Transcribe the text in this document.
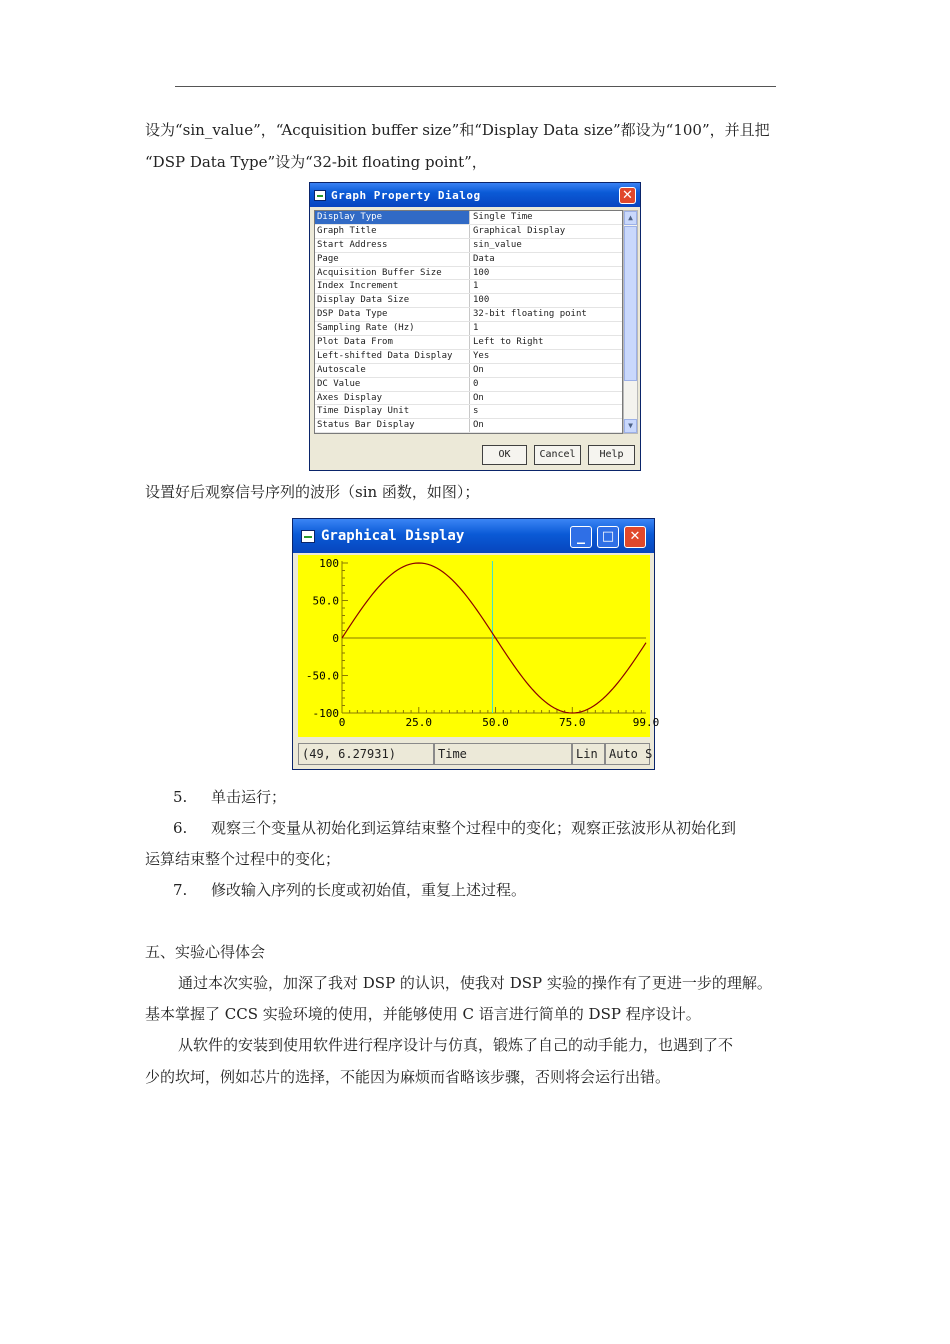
设为“sin_value”，“Acquisition buffer size”和“Display Data size”都设为“100”，并且把
“DSP Data Type”设为“32-bit floating point”，
Graph Property Dialog	✕
Display Type	Single Time
Graph Title	Graphical Display
Start Address	sin_value
Page	Data
Acquisition Buffer Size	100
Index Increment	1
Display Data Size	100
DSP Data Type	32-bit floating point
Sampling Rate (Hz)	1
Plot Data From	Left to Right
Left-shifted Data Display	Yes
Autoscale	On
DC Value	0
Axes Display	On
Time Display Unit	s
Status Bar Display	On
▲
▼
OK	Cancel	Help
设置好后观察信号序列的波形（sin 函数，如图）；
Graphical Display	_	□	✕
100
50.0
0
-50.0
-100
0	25.0	50.0	75.0	99.0
(49, 6.27931)	Time	Lin Auto S
5. 单击运行；
6. 观察三个变量从初始化到运算结束整个过程中的变化；观察正弦波形从初始化到
运算结束整个过程中的变化；
7. 修改输入序列的长度或初始值，重复上述过程。
五、实验心得体会
通过本次实验，加深了我对 DSP 的认识，使我对 DSP 实验的操作有了更进一步的理解。
基本掌握了 CCS 实验环境的使用，并能够使用 C 语言进行简单的 DSP 程序设计。
从软件的安装到使用软件进行程序设计与仿真，锻炼了自己的动手能力，也遇到了不
少的坎坷，例如芯片的选择，不能因为麻烦而省略该步骤，否则将会运行出错。
